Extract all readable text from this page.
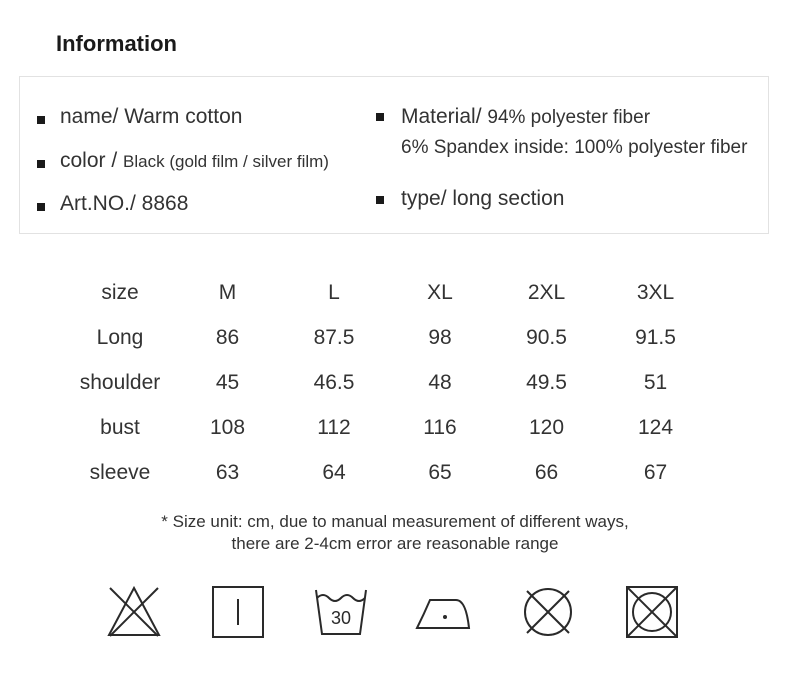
Information
name/ Warm cotton
color / Black (gold film / silver film)
Art.NO./ 8868
Material/ 94% polyester fiber
6% Spandex inside: 100% polyester fiber
type/ long section
size	M	L	XL	2XL	3XL
Long	86	87.5	98	90.5	91.5
shoulder	45	46.5	48	49.5	51
bust	108	112	116	120	124
sleeve	63	64	65	66	67
* Size unit: cm, due to manual measurement of different ways,
there are 2-4cm error are reasonable range
30
